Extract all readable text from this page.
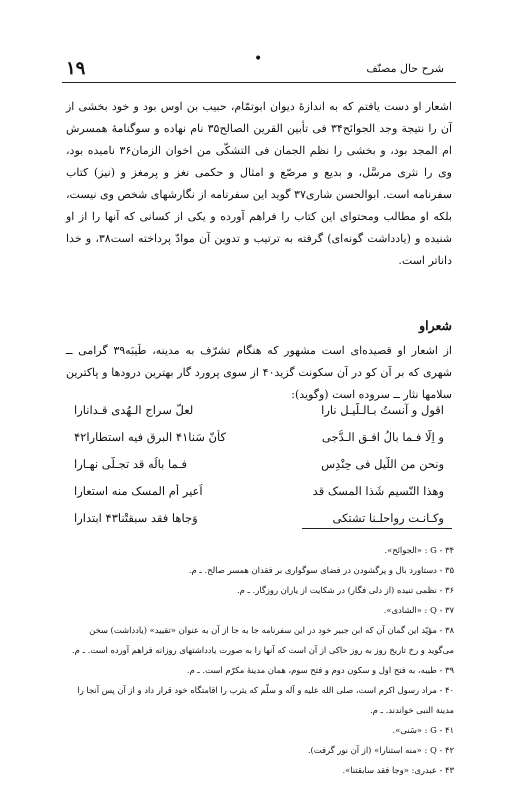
•
۱۹	شرح حال مصنّف

اشعار او دست یافتم که به اندازهٔ دیوان ابوتمّام، حبیب بن اوس بود و خود بخشی از آن را نتیجة وجد الجوائح۳۴ فی تأبین القرین الصالح۳۵ نام نهاده و سوگنامهٔ همسرش ام المجد بود، و بخشی را نظم الجمان فی التشکّی من اخوان الزمان۳۶ نامیده بود، وی را نثری مرسَّل، و بدیع و مرصّع و امثال و حکمی نغز و پرمغز و (نیز) کتاب سفرنامه است. ابوالحسن شاری۳۷ گوید این سفرنامه از نگارشهای شخص وی نیست، بلکه او مطالب ومحتوای این کتاب را فراهم آورده و یکی از کسانی که آنها را از او شنیده و (یادداشت گونه‌ای) گرفته به ترتیب و تدوین آن موادّ پرداخته است۳۸، و خدا داناتر است.

شعراو

از اشعار او قصیده‌ای است مشهور که هنگام تشرّف به مدینه، طَیبَه۳۹ گرامی ــ شهری که بر آن کو در آن سکونت گزید۴۰ از سوی پرورد گار بهترین درودها و پاکترین سلامها نثار ــ سروده است (وگوید):

اقول و آنستُ بـالـلّیـل نارا
لعلّ سراج الـهُدی قـدانارا
و اِلّا فـما بالُ افـق الـدُّجی
کأنّ سَنا۴۱ البرق فیه استطارا۴۲
ونحن من اللّیل فی حِنْدِس
فـما بالُه قد تجـلّی نهـارا
وهذا النّسیم شَذا المسک قد
اُعیر أم المسک منه استعارا
وکـانـت رواحلـنا تشتکی
وَجاها فقد سبقتْنا۴۳ ابتدارا

۳۴ - G : «الجوائح».

۳۵ - دستاورد بال و پرگشودن در فضای سوگواری بر فقدان همسر صالح. ـ م.

۳۶ - نظمی تنیده (از دلی فگار) در شکایت از یاران روزگار. ـ م.

۳۷ - Q : «الشادی».

۳۸ - مؤیّد این گمان آن که ابن جبیر خود در این سفرنامه جا به جا از آن به عنوان «تقیید» (یادداشت) سخن می‌گوید و رخ تاریخ روز به روز حاکی از آن است که آنها را به صورت یادداشتهای روزانه فراهم آورده است. ـ م.

۳۹ - طیبه، به فتح اول و سکون دوم و فتح سوم، همان مدینهٔ مکرّم است. ـ م.

۴۰ - مراد رسول اکرم است، صلی الله علیه و آله و سلّم که یثرب را اقامتگاه خود قرار داد و از آن پس آنجا را مدینة النبی خواندند. ـ م.

۴۱ - G : «سَنی».

۴۲ - Q : «منه استنارا» (از آن نور گرفت).

۴۳ - عبدری: «وجا فقد سابقتنا».
